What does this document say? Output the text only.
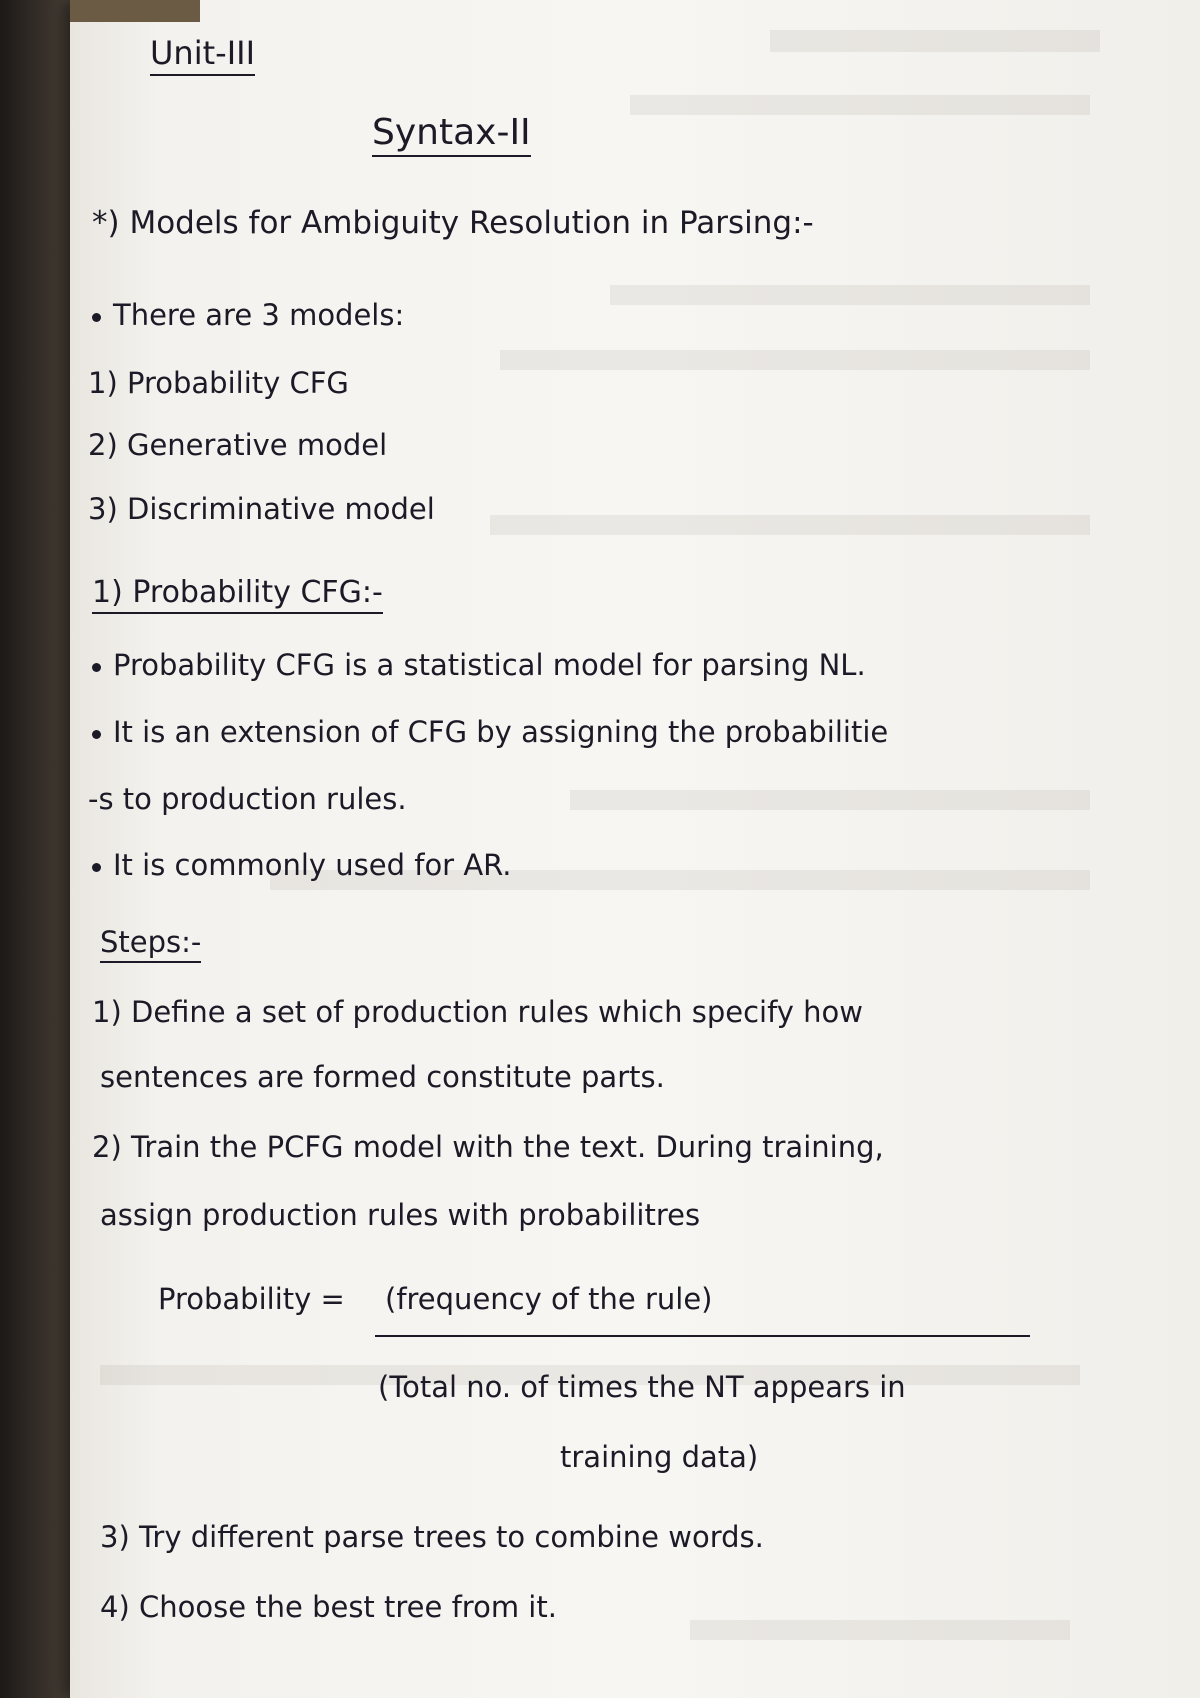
Unit-III
Syntax-II
*) Models for Ambiguity Resolution in Parsing:-
There are 3 models:
1) Probability CFG
2) Generative model
3) Discriminative model
1) Probability CFG:-
Probability CFG is a statistical model for parsing NL.
It is an extension of CFG by assigning the probabilitie
-s to production rules.
It is commonly used for AR.
Steps:-
1) Define a set of production rules which specify how
sentences are formed constitute parts.
2) Train the PCFG model with the text. During training,
assign production rules with probabilitres
Probability = (frequency of the rule)
(Total no. of times the NT appears in
training data)
3) Try different parse trees to combine words.
4) Choose the best tree from it.
